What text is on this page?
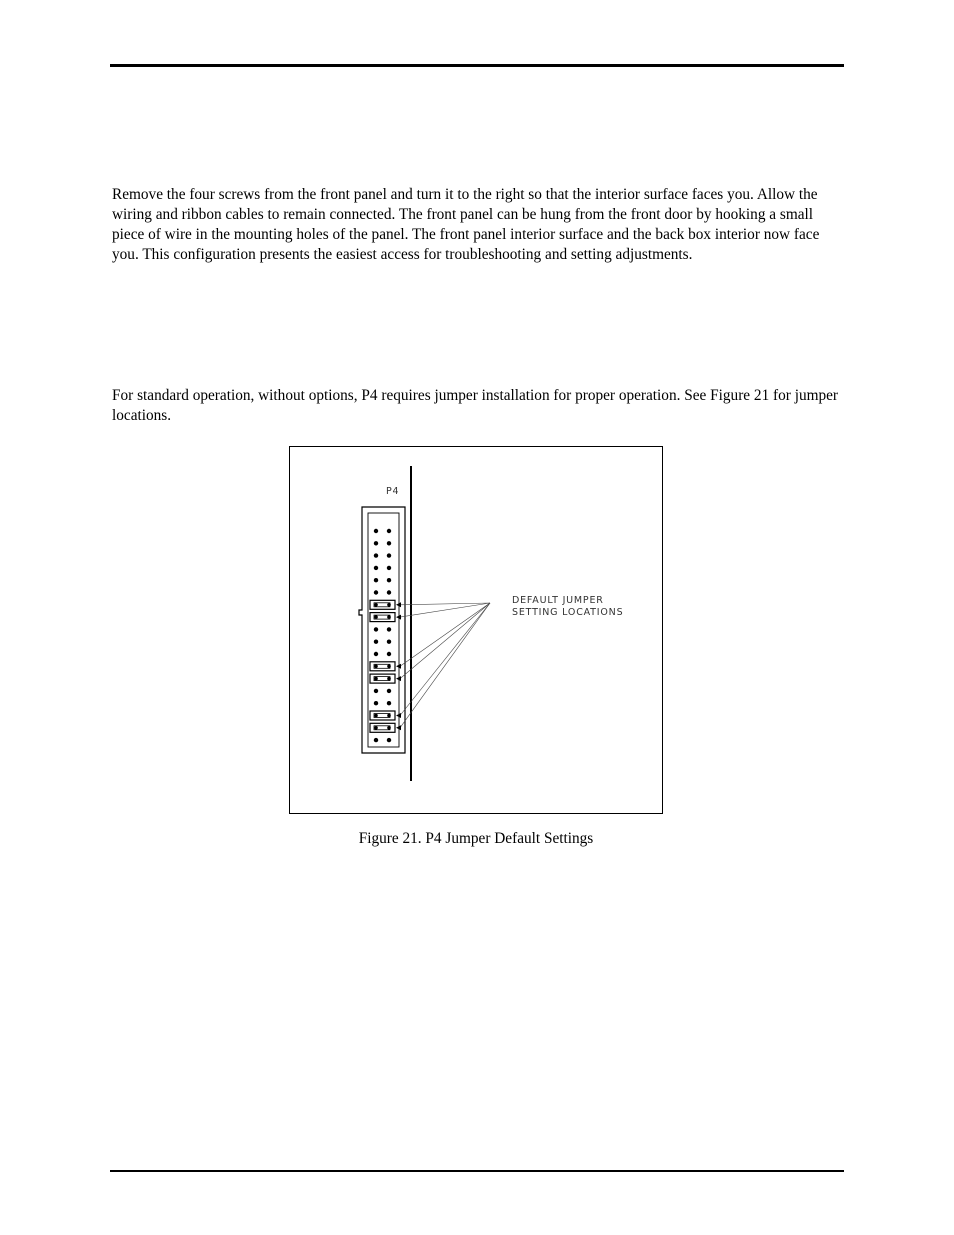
Remove the four screws from the front panel and turn it to the right so that the interior surface faces you. Allow the wiring and ribbon cables to remain connected. The front panel can be hung from the front door by hooking a small piece of wire in the mounting holes of the panel. The front panel interior surface and the back box interior now face you. This configuration presents the easiest access for troubleshooting and setting adjustments.

For standard operation, without options, P4 requires jumper installation for proper operation. See Figure 21 for jumper locations.

P4
DEFAULT JUMPER
SETTING LOCATIONS

Figure 21. P4 Jumper Default Settings
